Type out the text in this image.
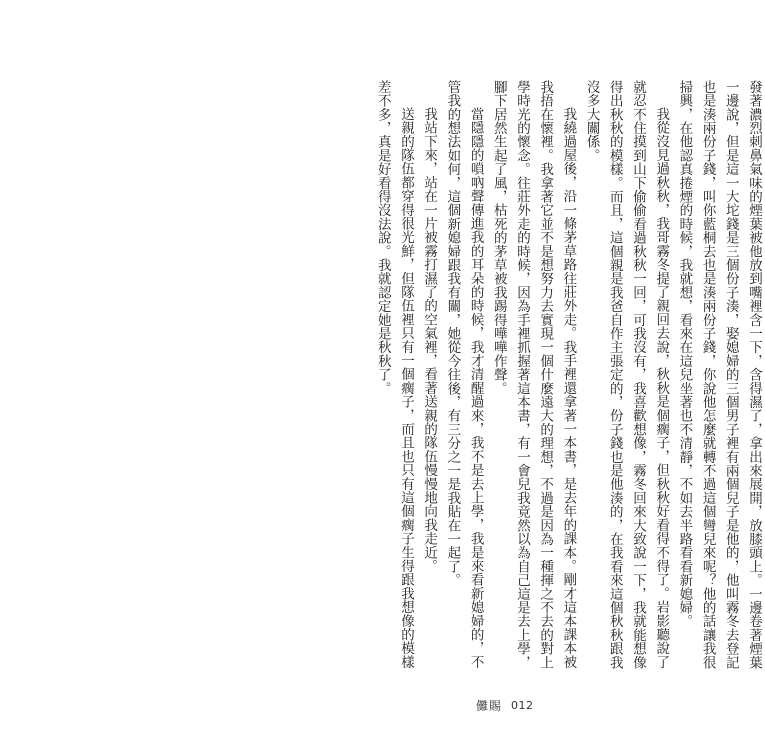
發著濃烈刺鼻氣味的煙葉被他放到嘴裡含一下，含得濕了，拿出來展開，放膝頭上。一邊卷著煙葉一邊說，但是這一大坨錢是三個份子湊，娶媳婦的三個男子裡有兩個兒子是他的，他叫霧冬去登記也是湊兩份子錢，叫你藍桐去也是湊兩份子錢，你說他怎麼就轉不過這個彎兒來呢？他的話讓我很掃興，在他認真捲煙的時候，我就想，看來在這兒坐著也不清靜，不如去半路看看新媳婦。

我從沒見過秋秋，我哥霧冬提了親回去說，秋秋是個瘸子，但秋秋好看得不得了。岩影聽說了就忍不住摸到山下偷偷看過秋秋一回，可我沒有，我喜歡想像，霧冬回來大致說一下，我就能想像得出秋秋的模樣。而且，這個親是我爸自作主張定的，份子錢也是他湊的，在我看來這個秋秋跟我沒多大關係。

我繞過屋後，沿一條茅草路往莊外走。我手裡還拿著一本書，是去年的課本。剛才這本課本被我捂在懷裡。我拿著它並不是想努力去實現一個什麼遠大的理想，不過是因為一種揮之不去的對上學時光的懷念。往莊外走的時候，因為手裡抓握著這本書，有一會兒我竟然以為自己這是去上學，腳下居然生起了風，枯死的茅草被我踢得嘩嘩作聲。

當隱隱的嗩吶聲傳進我的耳朵的時候，我才清醒過來，我不是去上學，我是來看新媳婦的，不管我的想法如何，這個新媳婦跟我有關，她從今往後，有三分之一是我貼在一起了。

我站下來，站在一片被霧打濕了的空氣裡，看著送親的隊伍慢慢地向我走近。

送親的隊伍都穿得很光鮮，但隊伍裡只有一個瘸子，而且也只有這個瘸子生得跟我想像的模樣差不多，真是好看得沒法說。我就認定她是秋秋了。

儺賜 012
